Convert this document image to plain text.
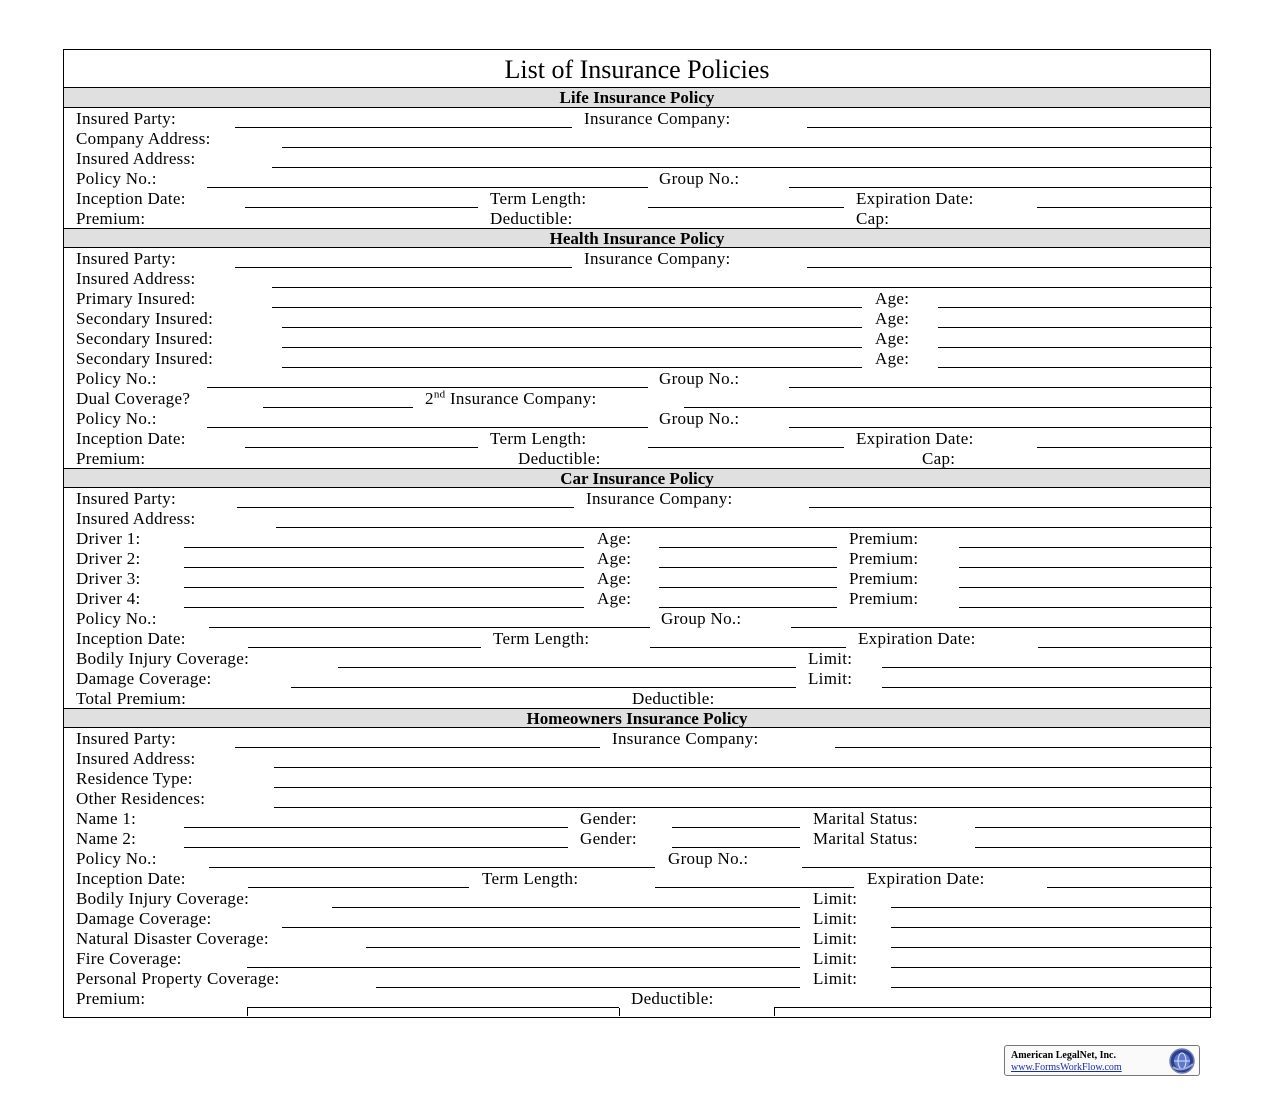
List of Insurance Policies
Life Insurance Policy
Insured Party:	Insurance Company:
Company Address:
Insured Address:
Policy No.:	Group No.:
Inception Date:	Term Length:	Expiration Date:
Premium:	Deductible:	Cap:
Health Insurance Policy
Insured Party:	Insurance Company:
Insured Address:
Primary Insured:	Age:
Secondary Insured:	Age:
Secondary Insured:	Age:
Secondary Insured:	Age:
Policy No.:	Group No.:
Dual Coverage?	2nd Insurance Company:
Policy No.:	Group No.:
Inception Date:	Term Length:	Expiration Date:
Premium:	Deductible:	Cap:
Car Insurance Policy
Insured Party:	Insurance Company:
Insured Address:
Driver 1:	Age:	Premium:
Driver 2:	Age:	Premium:
Driver 3:	Age:	Premium:
Driver 4:	Age:	Premium:
Policy No.:	Group No.:
Inception Date:	Term Length:	Expiration Date:
Bodily Injury Coverage:	Limit:
Damage Coverage:	Limit:
Total Premium:	Deductible:
Homeowners Insurance Policy
Insured Party:	Insurance Company:
Insured Address:
Residence Type:
Other Residences:
Name 1:	Gender:	Marital Status:
Name 2:	Gender:	Marital Status:
Policy No.:	Group No.:
Inception Date:	Term Length:	Expiration Date:
Bodily Injury Coverage:	Limit:
Damage Coverage:	Limit:
Natural Disaster Coverage:	Limit:
Fire Coverage:	Limit:
Personal Property Coverage:	Limit:
Premium:	Deductible:
American LegalNet, Inc.
www.FormsWorkFlow.com
